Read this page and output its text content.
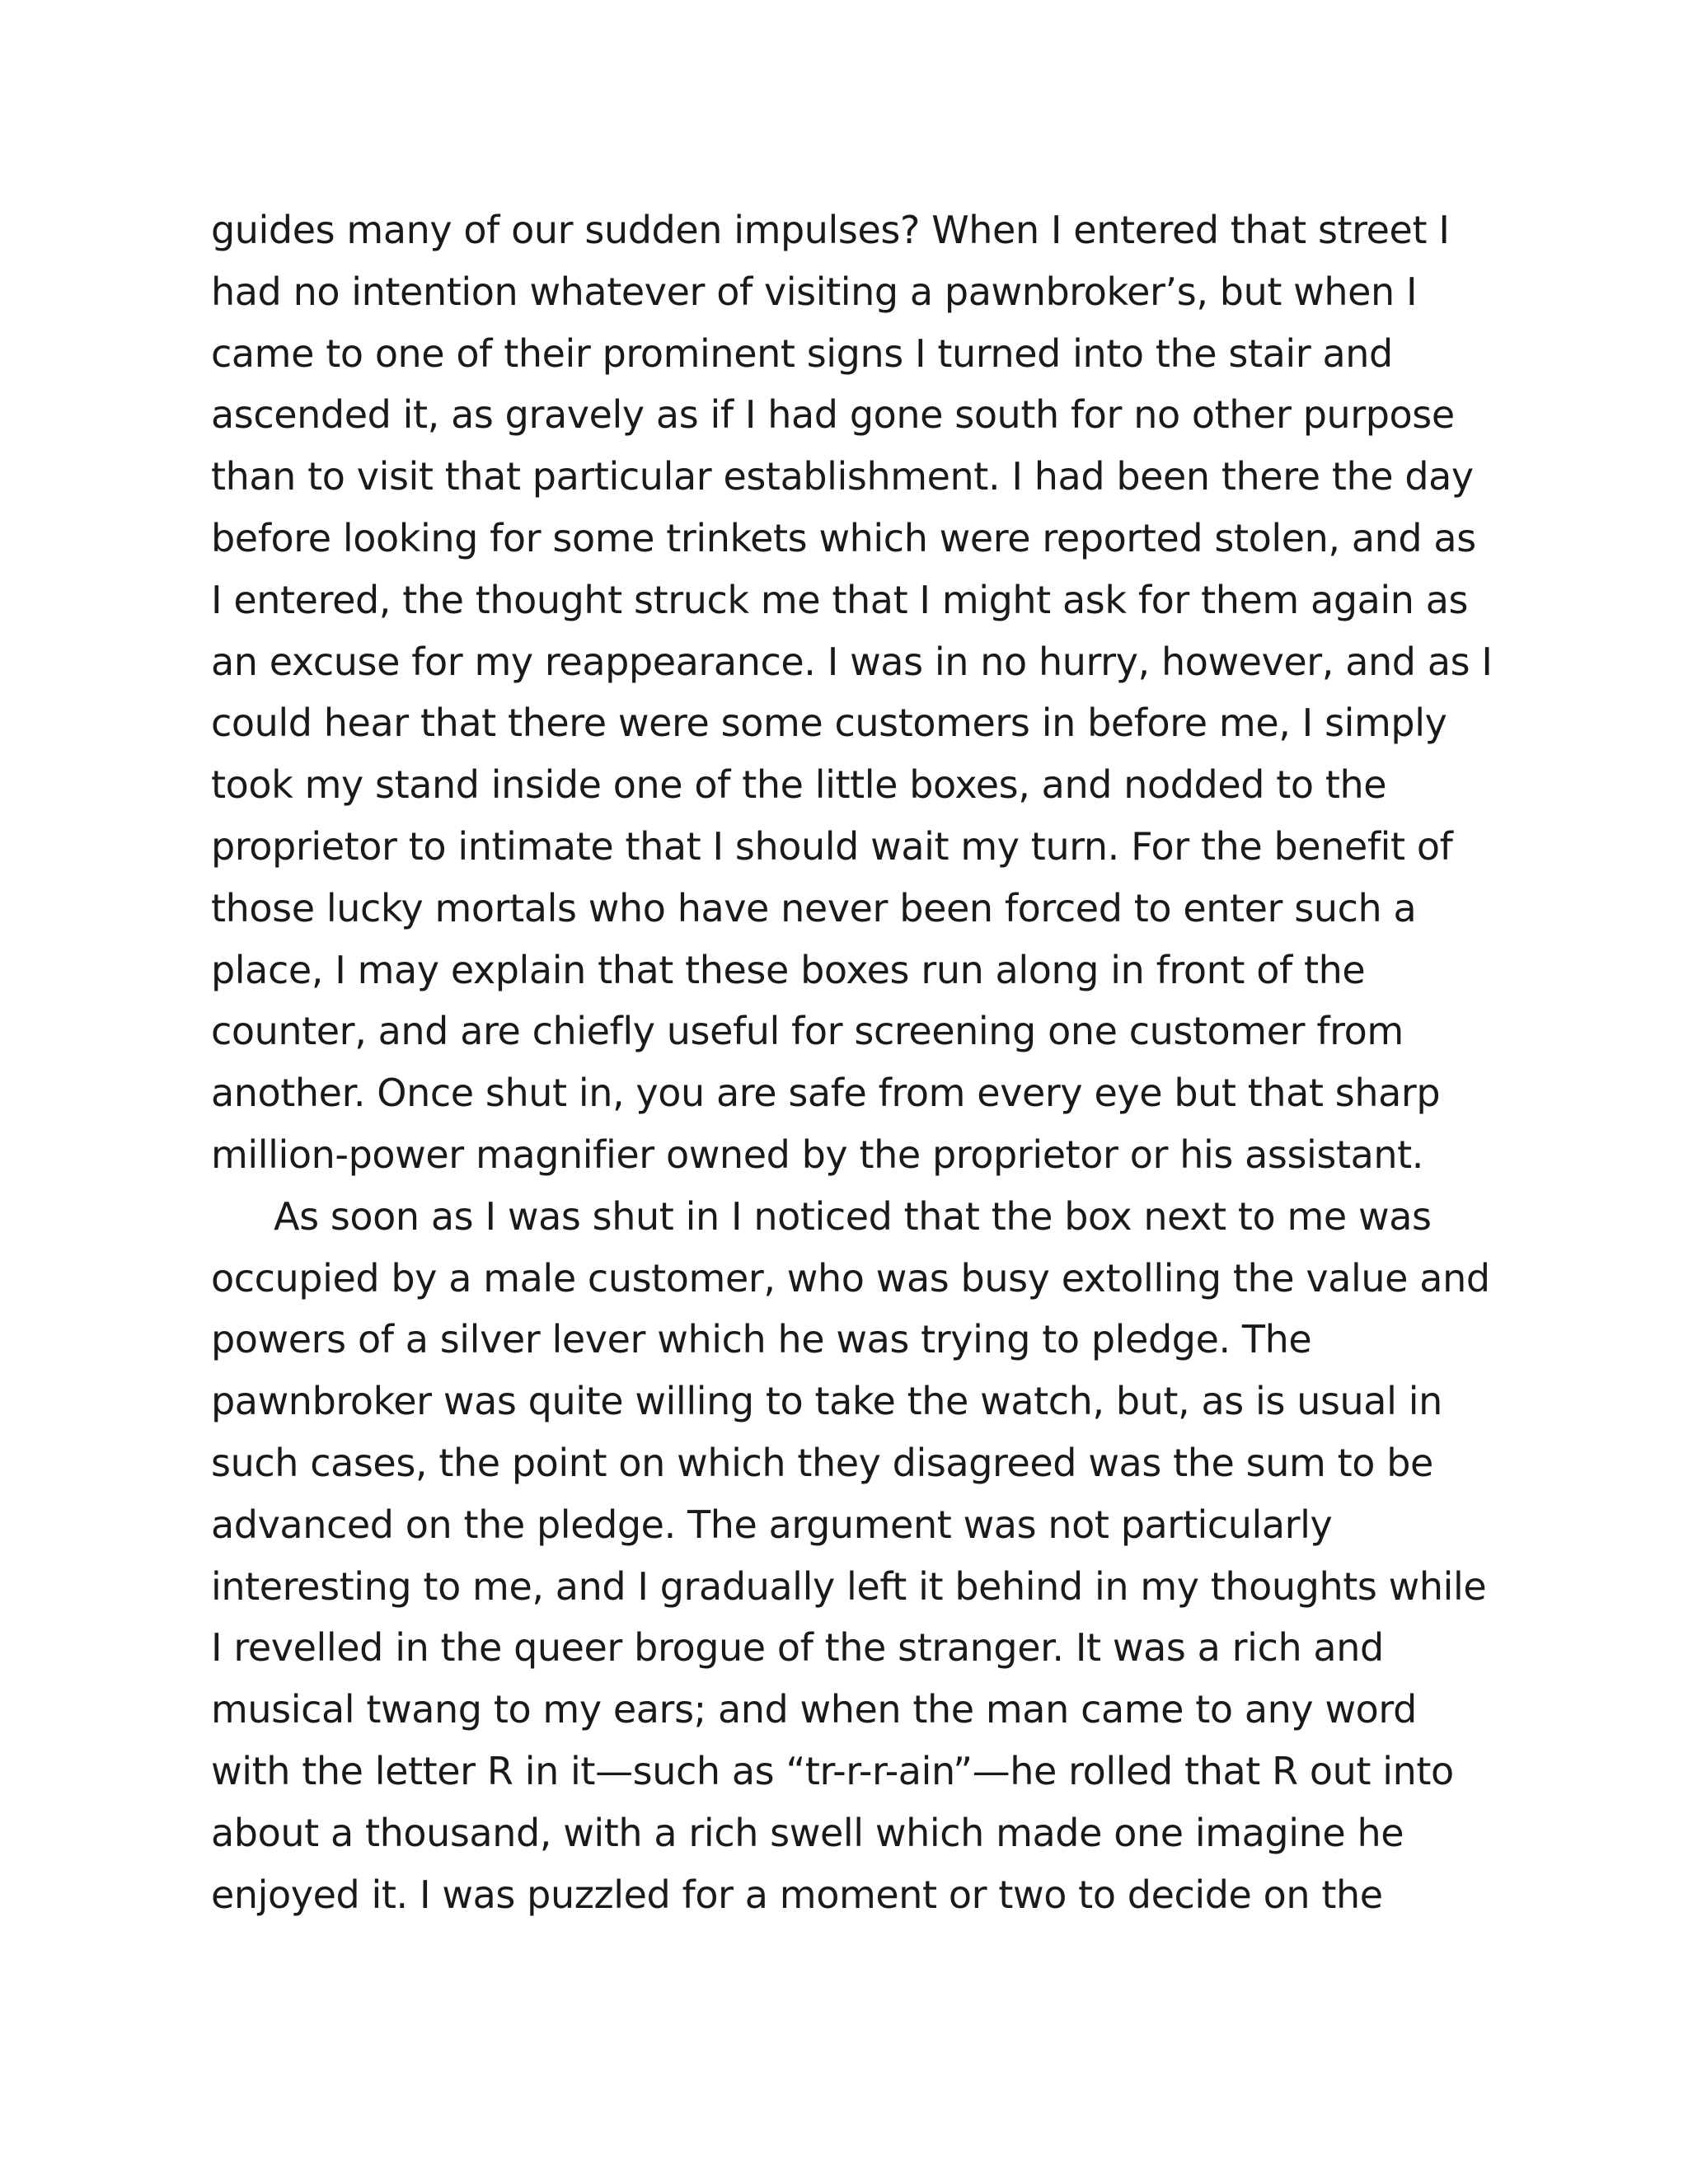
guides many of our sudden impulses? When I entered that street I
had no intention whatever of visiting a pawnbroker’s, but when I
came to one of their prominent signs I turned into the stair and
ascended it, as gravely as if I had gone south for no other purpose
than to visit that particular establishment. I had been there the day
before looking for some trinkets which were reported stolen, and as
I entered, the thought struck me that I might ask for them again as
an excuse for my reappearance. I was in no hurry, however, and as I
could hear that there were some customers in before me, I simply
took my stand inside one of the little boxes, and nodded to the
proprietor to intimate that I should wait my turn. For the benefit of
those lucky mortals who have never been forced to enter such a
place, I may explain that these boxes run along in front of the
counter, and are chiefly useful for screening one customer from
another. Once shut in, you are safe from every eye but that sharp
million-power magnifier owned by the proprietor or his assistant.
As soon as I was shut in I noticed that the box next to me was
occupied by a male customer, who was busy extolling the value and
powers of a silver lever which he was trying to pledge. The
pawnbroker was quite willing to take the watch, but, as is usual in
such cases, the point on which they disagreed was the sum to be
advanced on the pledge. The argument was not particularly
interesting to me, and I gradually left it behind in my thoughts while
I revelled in the queer brogue of the stranger. It was a rich and
musical twang to my ears; and when the man came to any word
with the letter R in it—such as “tr-r-r-ain”—he rolled that R out into
about a thousand, with a rich swell which made one imagine he
enjoyed it. I was puzzled for a moment or two to decide on the
